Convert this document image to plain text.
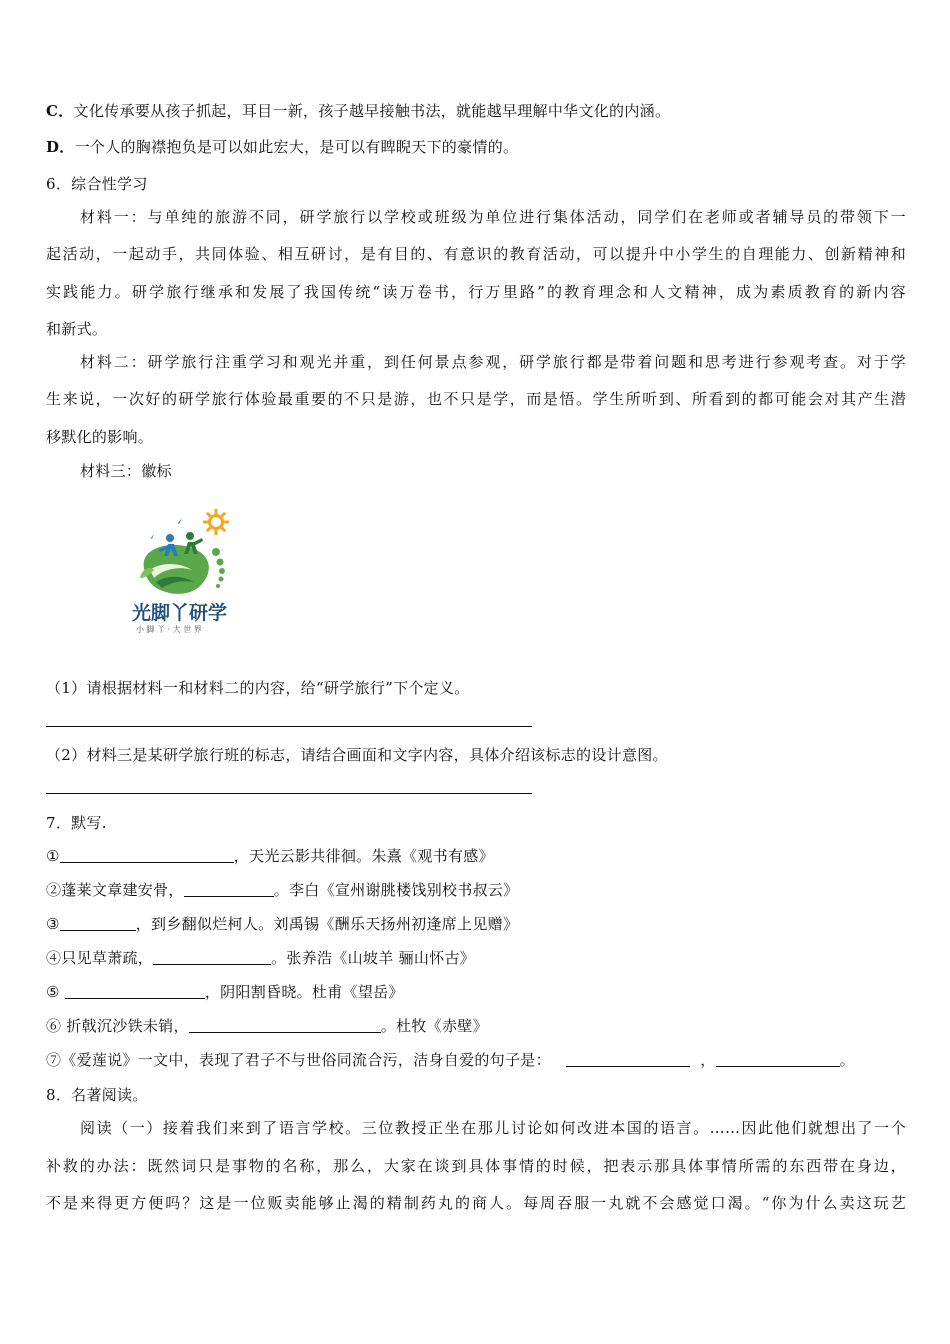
C．文化传承要从孩子抓起，耳目一新，孩子越早接触书法，就能越早理解中华文化的内涵。
D．一个人的胸襟抱负是可以如此宏大，是可以有睥睨天下的豪情的。
6．综合性学习
材料一：与单纯的旅游不同，研学旅行以学校或班级为单位进行集体活动，同学们在老师或者辅导员的带领下一
起活动，一起动手，共同体验、相互研讨，是有目的、有意识的教育活动，可以提升中小学生的自理能力、创新精神和
实践能力。研学旅行继承和发展了我国传统“读万卷书，行万里路”的教育理念和人文精神，成为素质教育的新内容
和新式。
材料二：研学旅行注重学习和观光并重，到任何景点参观，研学旅行都是带着问题和思考进行参观考查。对于学
生来说，一次好的研学旅行体验最重要的不只是游，也不只是学，而是悟。学生所听到、所看到的都可能会对其产生潜
移默化的影响。
材料三：徽标
光脚丫研学
小 脚 丫 · 大 世 界
（1）请根据材料一和材料二的内容，给“研学旅行”下个定义。
（2）材料三是某研学旅行班的标志，请结合画面和文字内容，具体介绍该标志的设计意图。
7．默写.
①	，天光云影共徘徊。朱熹《观书有感》
②蓬莱文章建安骨，	。李白《宣州谢朓楼饯别校书叔云》
③	，到乡翻似烂柯人。刘禹锡《酬乐天扬州初逢席上见赠》
④只见草萧疏，	。张养浩《山坡羊 骊山怀古》
⑤	，阴阳割昏晓。杜甫《望岳》
⑥ 折戟沉沙铁未销，	。杜牧《赤壁》
⑦《爱莲说》一文中，表现了君子不与世俗同流合污，洁身自爱的句子是：	，	。
8．名著阅读。
阅读（一）接着我们来到了语言学校。三位教授正坐在那儿讨论如何改进本国的语言。……因此他们就想出了一个
补救的办法：既然词只是事物的名称，那么，大家在谈到具体事情的时候，把表示那具体事情所需的东西带在身边，
不是来得更方便吗？这是一位贩卖能够止渴的精制药丸的商人。每周吞服一丸就不会感觉口渴。“你为什么卖这玩艺
